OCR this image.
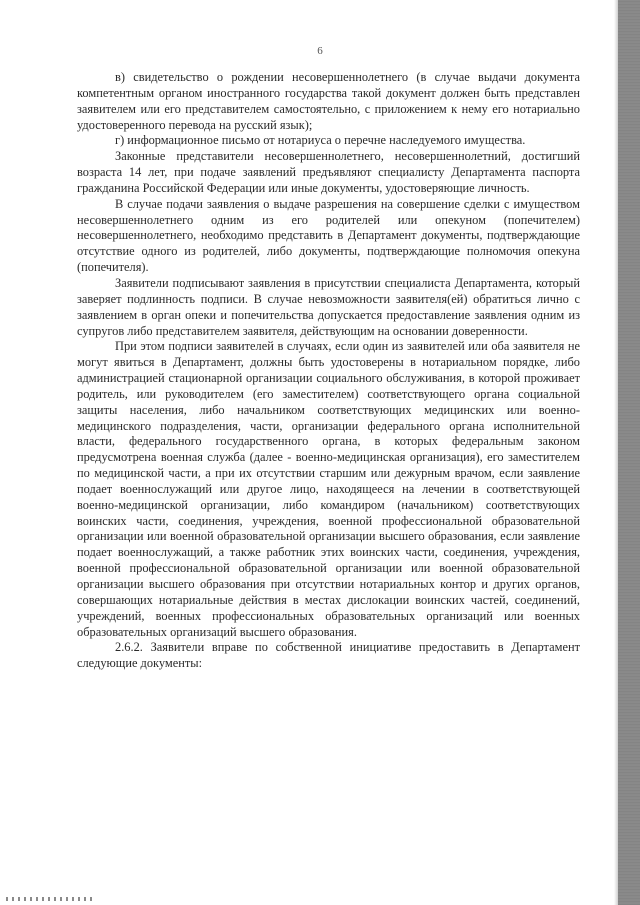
6

в) свидетельство о рождении несовершеннолетнего (в случае выдачи документа компетентным органом иностранного государства такой документ должен быть представлен заявителем или его представителем самостоятельно, с приложением к нему его нотариально удостоверенного перевода на русский язык);

г) информационное письмо от нотариуса о перечне наследуемого имущества.

Законные представители несовершеннолетнего, несовершеннолетний, достигший возраста 14 лет, при подаче заявлений предъявляют специалисту Департамента паспорта гражданина Российской Федерации или иные документы, удостоверяющие личность.

В случае подачи заявления о выдаче разрешения на совершение сделки с имуществом несовершеннолетнего одним из его родителей или опекуном (попечителем) несовершеннолетнего, необходимо представить в Департамент документы, подтверждающие отсутствие одного из родителей, либо документы, подтверждающие полномочия опекуна (попечителя).

Заявители подписывают заявления в присутствии специалиста Департамента, который заверяет подлинность подписи. В случае невозможности заявителя(ей) обратиться лично с заявлением в орган опеки и попечительства допускается предоставление заявления одним из супругов либо представителем заявителя, действующим на основании доверенности.

При этом подписи заявителей в случаях, если один из заявителей или оба заявителя не могут явиться в Департамент, должны быть удостоверены в нотариальном порядке, либо администрацией стационарной организации социального обслуживания, в которой проживает родитель, или руководителем (его заместителем) соответствующего органа социальной защиты населения, либо начальником соответствующих медицинских или военно-медицинского подразделения, части, организации федерального органа исполнительной власти, федерального государственного органа, в которых федеральным законом предусмотрена военная служба (далее - военно-медицинская организация), его заместителем по медицинской части, а при их отсутствии старшим или дежурным врачом, если заявление подает военнослужащий или другое лицо, находящееся на лечении в соответствующей военно-медицинской организации, либо командиром (начальником) соответствующих воинских части, соединения, учреждения, военной профессиональной образовательной организации или военной образовательной организации высшего образования, если заявление подает военнослужащий, а также работник этих воинских части, соединения, учреждения, военной профессиональной образовательной организации или военной образовательной организации высшего образования при отсутствии нотариальных контор и других органов, совершающих нотариальные действия в местах дислокации воинских частей, соединений, учреждений, военных профессиональных образовательных организаций или военных образовательных организаций высшего образования.

2.6.2. Заявители вправе по собственной инициативе предоставить в Департамент следующие документы:
